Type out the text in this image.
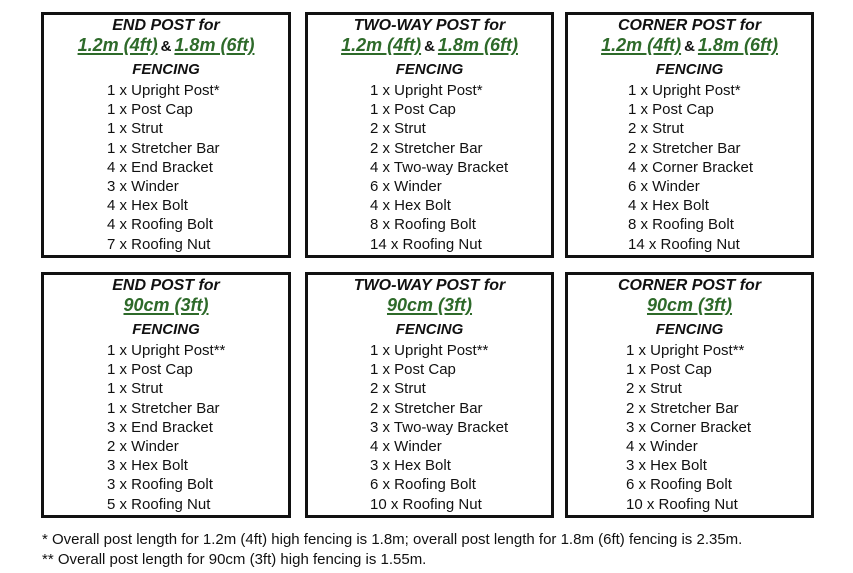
END POST for
1.2m (4ft) & 1.8m (6ft)
FENCING
1 x Upright Post*
1 x Post Cap
1 x Strut
1 x Stretcher Bar
4 x End Bracket
3 x Winder
4 x Hex Bolt
4 x Roofing Bolt
7 x Roofing Nut
TWO-WAY POST for
1.2m (4ft) & 1.8m (6ft)
FENCING
1 x Upright Post*
1 x Post Cap
2 x Strut
2 x Stretcher Bar
4 x Two-way Bracket
6 x Winder
4 x Hex Bolt
8 x Roofing Bolt
14 x Roofing Nut
CORNER POST for
1.2m (4ft) & 1.8m (6ft)
FENCING
1 x Upright Post*
1 x Post Cap
2 x Strut
2 x Stretcher Bar
4 x Corner Bracket
6 x Winder
4 x Hex Bolt
8 x Roofing Bolt
14 x Roofing Nut
END POST for
90cm (3ft)
FENCING
1 x Upright Post**
1 x Post Cap
1 x Strut
1 x Stretcher Bar
3 x End Bracket
2 x Winder
3 x Hex Bolt
3 x Roofing Bolt
5 x Roofing Nut
TWO-WAY POST for
90cm (3ft)
FENCING
1 x Upright Post**
1 x Post Cap
2 x Strut
2 x Stretcher Bar
3 x Two-way Bracket
4 x Winder
3 x Hex Bolt
6 x Roofing Bolt
10 x Roofing Nut
CORNER POST for
90cm (3ft)
FENCING
1 x Upright Post**
1 x Post Cap
2 x Strut
2 x Stretcher Bar
3 x Corner Bracket
4 x Winder
3 x Hex Bolt
6 x Roofing Bolt
10 x Roofing Nut
* Overall post length for 1.2m (4ft) high fencing is 1.8m; overall post length for 1.8m (6ft) fencing is 2.35m.
** Overall post length for 90cm (3ft) high fencing is 1.55m.
